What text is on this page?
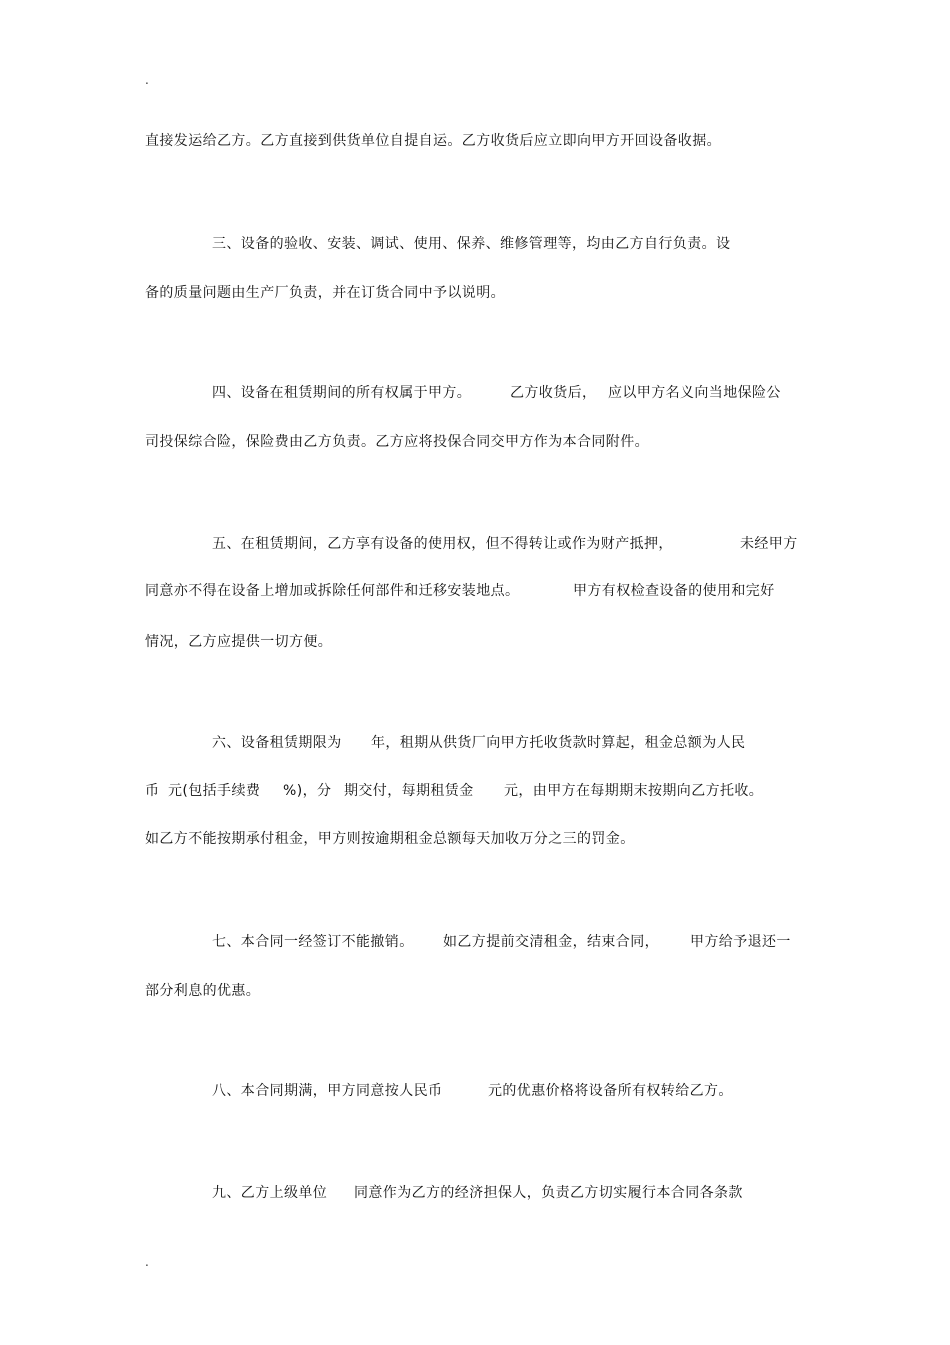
.
直接发运给乙方。乙方直接到供货单位自提自运。乙方收货后应立即向甲方开回设备收据。
三、设备的验收、安装、调试、使用、保养、维修管理等，均由乙方自行负责。设
备的质量问题由生产厂负责，并在订货合同中予以说明。
四、设备在租赁期间的所有权属于甲方。	乙方收货后， 应以甲方名义向当地保险公
司投保综合险，保险费由乙方负责。乙方应将投保合同交甲方作为本合同附件。
五、在租赁期间，乙方享有设备的使用权，但不得转让或作为财产抵押，	未经甲方
同意亦不得在设备上增加或拆除任何部件和迁移安装地点。	甲方有权检查设备的使用和完好
情况，乙方应提供一切方便。
六、设备租赁期限为 年，租期从供货厂向甲方托收货款时算起，租金总额为人民
币 元(包括手续费 %)，分 期交付，每期租赁金 元，由甲方在每期期末按期向乙方托收。
如乙方不能按期承付租金，甲方则按逾期租金总额每天加收万分之三的罚金。
七、本合同一经签订不能撤销。 如乙方提前交清租金，结束合同， 甲方给予退还一
部分利息的优惠。
八、本合同期满，甲方同意按人民币	元的优惠价格将设备所有权转给乙方。
九、乙方上级单位 同意作为乙方的经济担保人，负责乙方切实履行本合同各条款
.
